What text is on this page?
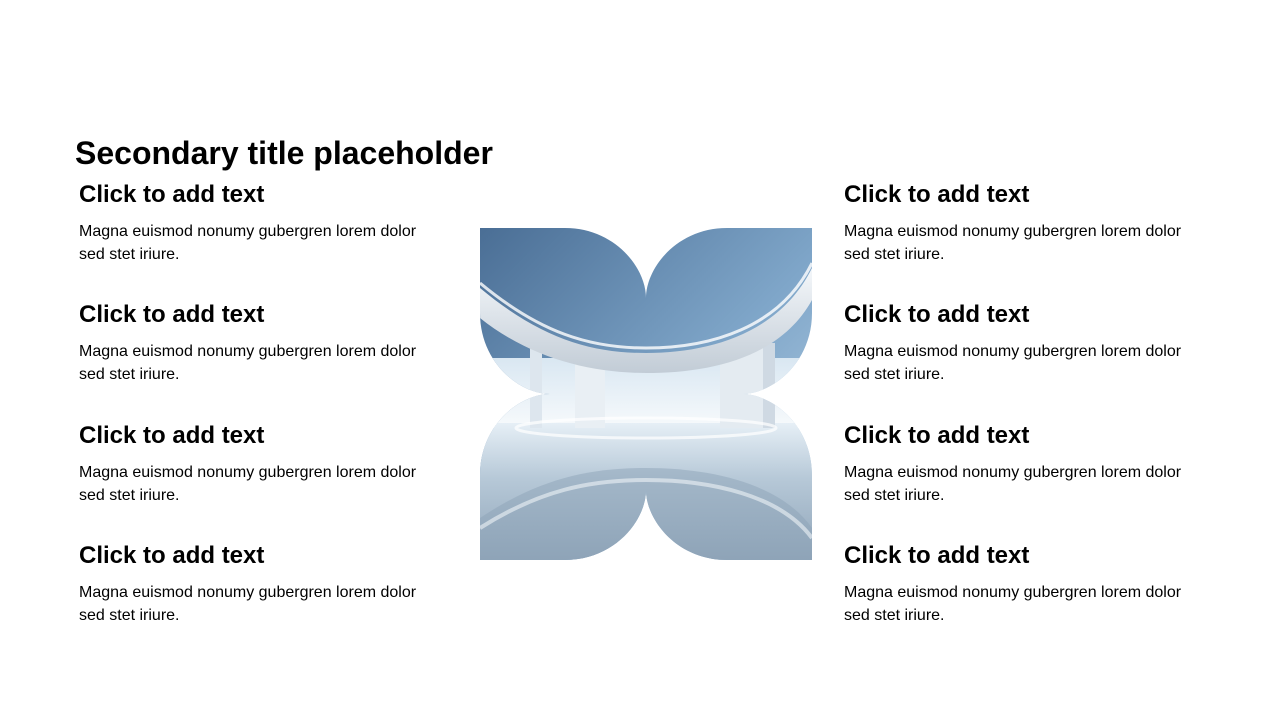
Secondary title placeholder
Click to add text
Magna euismod nonumy gubergren lorem dolor sed stet iriure.
Click to add text
Magna euismod nonumy gubergren lorem dolor sed stet iriure.
Click to add text
Magna euismod nonumy gubergren lorem dolor sed stet iriure.
Click to add text
Magna euismod nonumy gubergren lorem dolor sed stet iriure.
Click to add text
Magna euismod nonumy gubergren lorem dolor sed stet iriure.
Click to add text
Magna euismod nonumy gubergren lorem dolor sed stet iriure.
Click to add text
Magna euismod nonumy gubergren lorem dolor sed stet iriure.
Click to add text
Magna euismod nonumy gubergren lorem dolor sed stet iriure.
